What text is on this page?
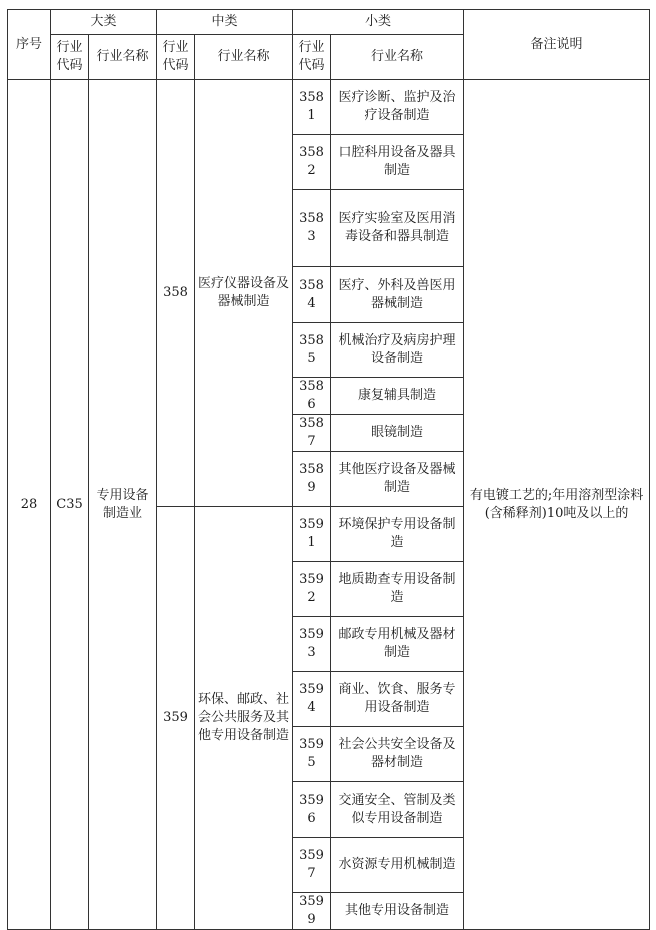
序号	大类		中类		小类		备注说明
	行业代码	行业名称	行业代码	行业名称	行业代码	行业名称	
28	C35	专用设备制造业	358	医疗仪器设备及器械制造	3581	医疗诊断、监护及治疗设备制造	有电镀工艺的;年用溶剂型涂料(含稀释剂)10吨及以上的
					3582	口腔科用设备及器具制造	
					3583	医疗实验室及医用消毒设备和器具制造	
					3584	医疗、外科及兽医用器械制造	
					3585	机械治疗及病房护理设备制造	
					3586	康复辅具制造	
					3587	眼镜制造	
					3589	其他医疗设备及器械制造	
			359	环保、邮政、社会公共服务及其他专用设备制造	3591	环境保护专用设备制造	
					3592	地质勘查专用设备制造	
					3593	邮政专用机械及器材制造	
					3594	商业、饮食、服务专用设备制造	
					3595	社会公共安全设备及器材制造	
					3596	交通安全、管制及类似专用设备制造	
					3597	水资源专用机械制造	
					3599	其他专用设备制造	
